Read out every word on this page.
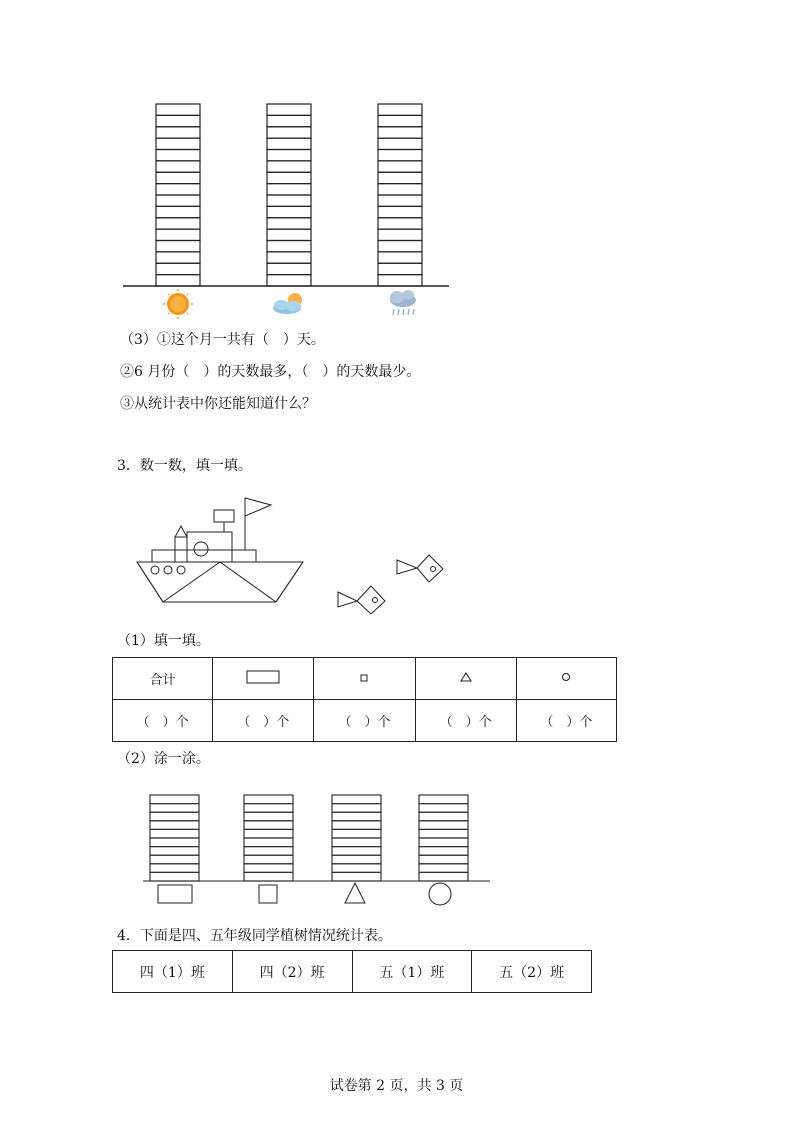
（3）①这个月一共有（　）天。
②6 月份（　）的天数最多，（　）的天数最少。
③从统计表中你还能知道什么？
3．数一数，填一填。
（1）填一填。
合计				
（　）个	（　）个	（　）个	（　）个	（　）个
（2）涂一涂。
4．下面是四、五年级同学植树情况统计表。
四（1）班	四（2）班	五（1）班	五（2）班
试卷第 2 页，共 3 页
